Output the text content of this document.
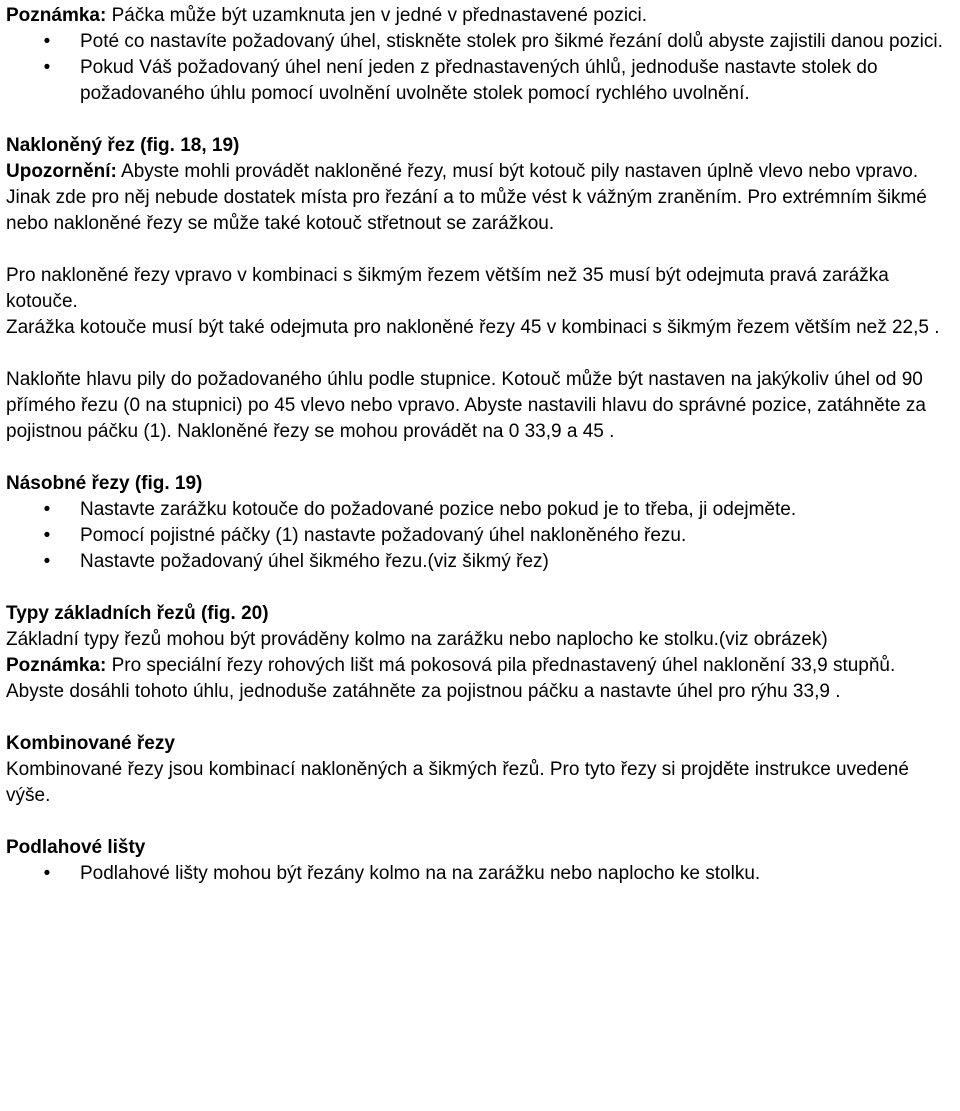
Poznámka: Páčka může být uzamknuta jen v jedné v přednastavené pozici.

•	Poté co nastavíte požadovaný úhel, stiskněte stolek pro šikmé řezání dolů abyste zajistili danou pozici.
•	Pokud Váš požadovaný úhel není jeden z přednastavených úhlů, jednoduše nastavte stolek do požadovaného úhlu pomocí uvolnění uvolněte stolek pomocí rychlého uvolnění.

Nakloněný řez (fig. 18, 19)

Upozornění: Abyste mohli provádět nakloněné řezy, musí být kotouč pily nastaven úplně vlevo nebo vpravo. Jinak zde pro něj nebude dostatek místa pro řezání a to může vést k vážným zraněním. Pro extrémním šikmé nebo nakloněné řezy se může také kotouč střetnout se zarážkou.

Pro nakloněné řezy vpravo v kombinaci s šikmým řezem větším než 35 musí být odejmuta pravá zarážka kotouče.

Zarážka kotouče musí být také odejmuta pro nakloněné řezy 45 v kombinaci s šikmým řezem větším než 22,5 .

Nakloňte hlavu pily do požadovaného úhlu podle stupnice. Kotouč může být nastaven na jakýkoliv úhel od 90 přímého řezu (0 na stupnici) po 45 vlevo nebo vpravo. Abyste nastavili hlavu do správné pozice, zatáhněte za pojistnou páčku (1). Nakloněné řezy se mohou provádět na 0 33,9 a 45 .

Násobné řezy (fig. 19)

•	Nastavte zarážku kotouče do požadované pozice nebo pokud je to třeba, ji odejměte.
•	Pomocí pojistné páčky (1) nastavte požadovaný úhel nakloněného řezu.
•	Nastavte požadovaný úhel šikmého řezu.(viz šikmý řez)

Typy základních řezů (fig. 20)

Základní typy řezů mohou být prováděny kolmo na zarážku nebo naplocho ke stolku.(viz obrázek)

Poznámka: Pro speciální řezy rohových lišt má pokosová pila přednastavený úhel naklonění 33,9 stupňů. Abyste dosáhli tohoto úhlu, jednoduše zatáhněte za pojistnou páčku a nastavte úhel pro rýhu 33,9 .

Kombinované řezy

Kombinované řezy jsou kombinací nakloněných a šikmých řezů. Pro tyto řezy si projděte instrukce uvedené výše.

Podlahové lišty

•	Podlahové lišty mohou být řezány kolmo na na zarážku nebo naplocho ke stolku.
